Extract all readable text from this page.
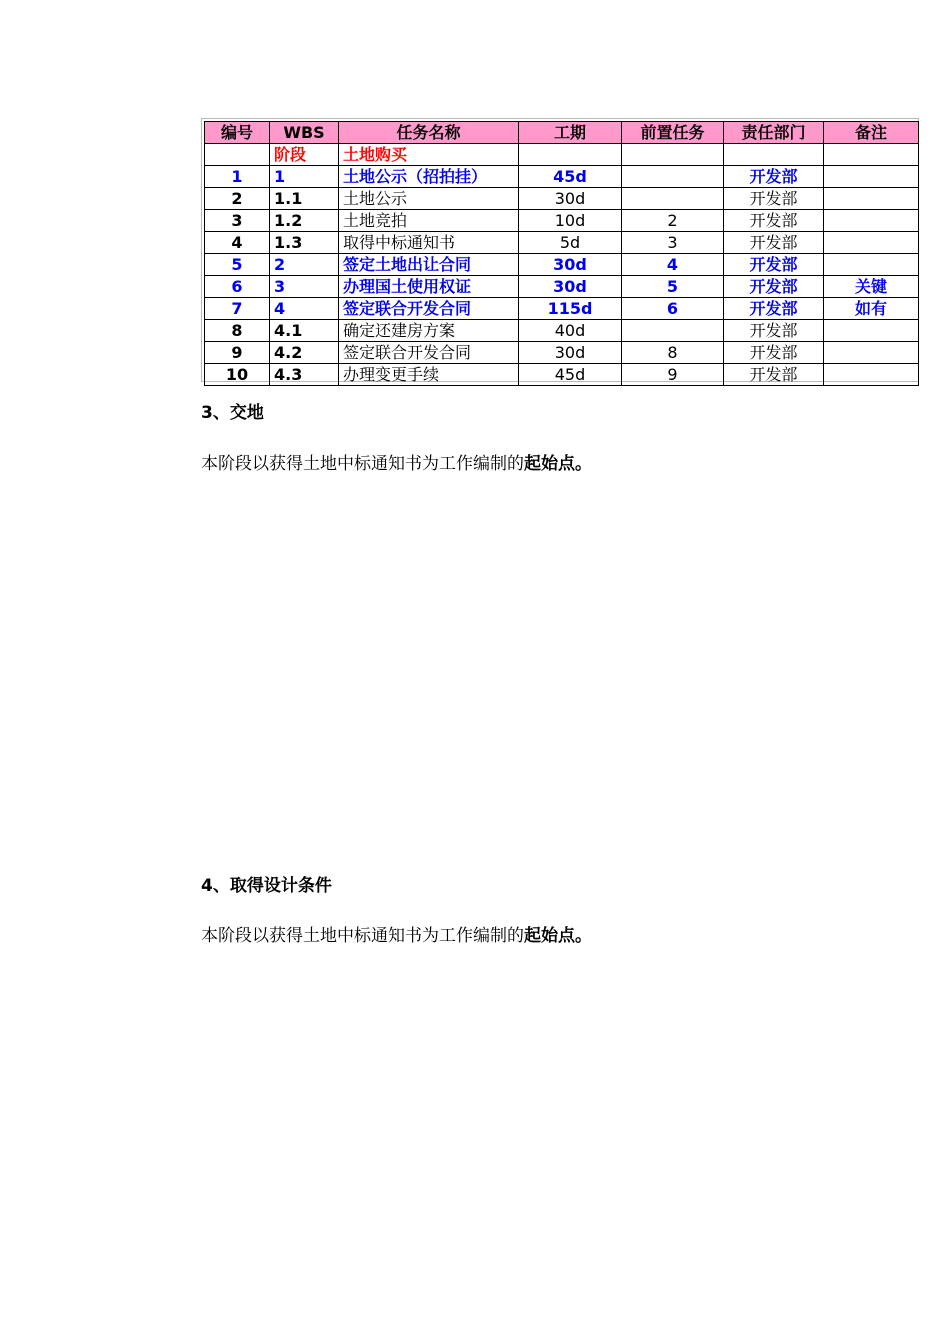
编号	WBS	任务名称	工期	前置任务	责任部门	备注
	阶段	土地购买				
1	1	土地公示（招拍挂）	45d		开发部	
2	1.1	土地公示	30d		开发部	
3	1.2	土地竞拍	10d	2	开发部	
4	1.3	取得中标通知书	5d	3	开发部	
5	2	签定土地出让合同	30d	4	开发部	
6	3	办理国土使用权证	30d	5	开发部	关键
7	4	签定联合开发合同	115d	6	开发部	如有
8	4.1	确定还建房方案	40d		开发部	
9	4.2	签定联合开发合同	30d	8	开发部	
10	4.3	办理变更手续	45d	9	开发部	
3、交地

本阶段以获得土地中标通知书为工作编制的起始点。

4、取得设计条件

本阶段以获得土地中标通知书为工作编制的起始点。
